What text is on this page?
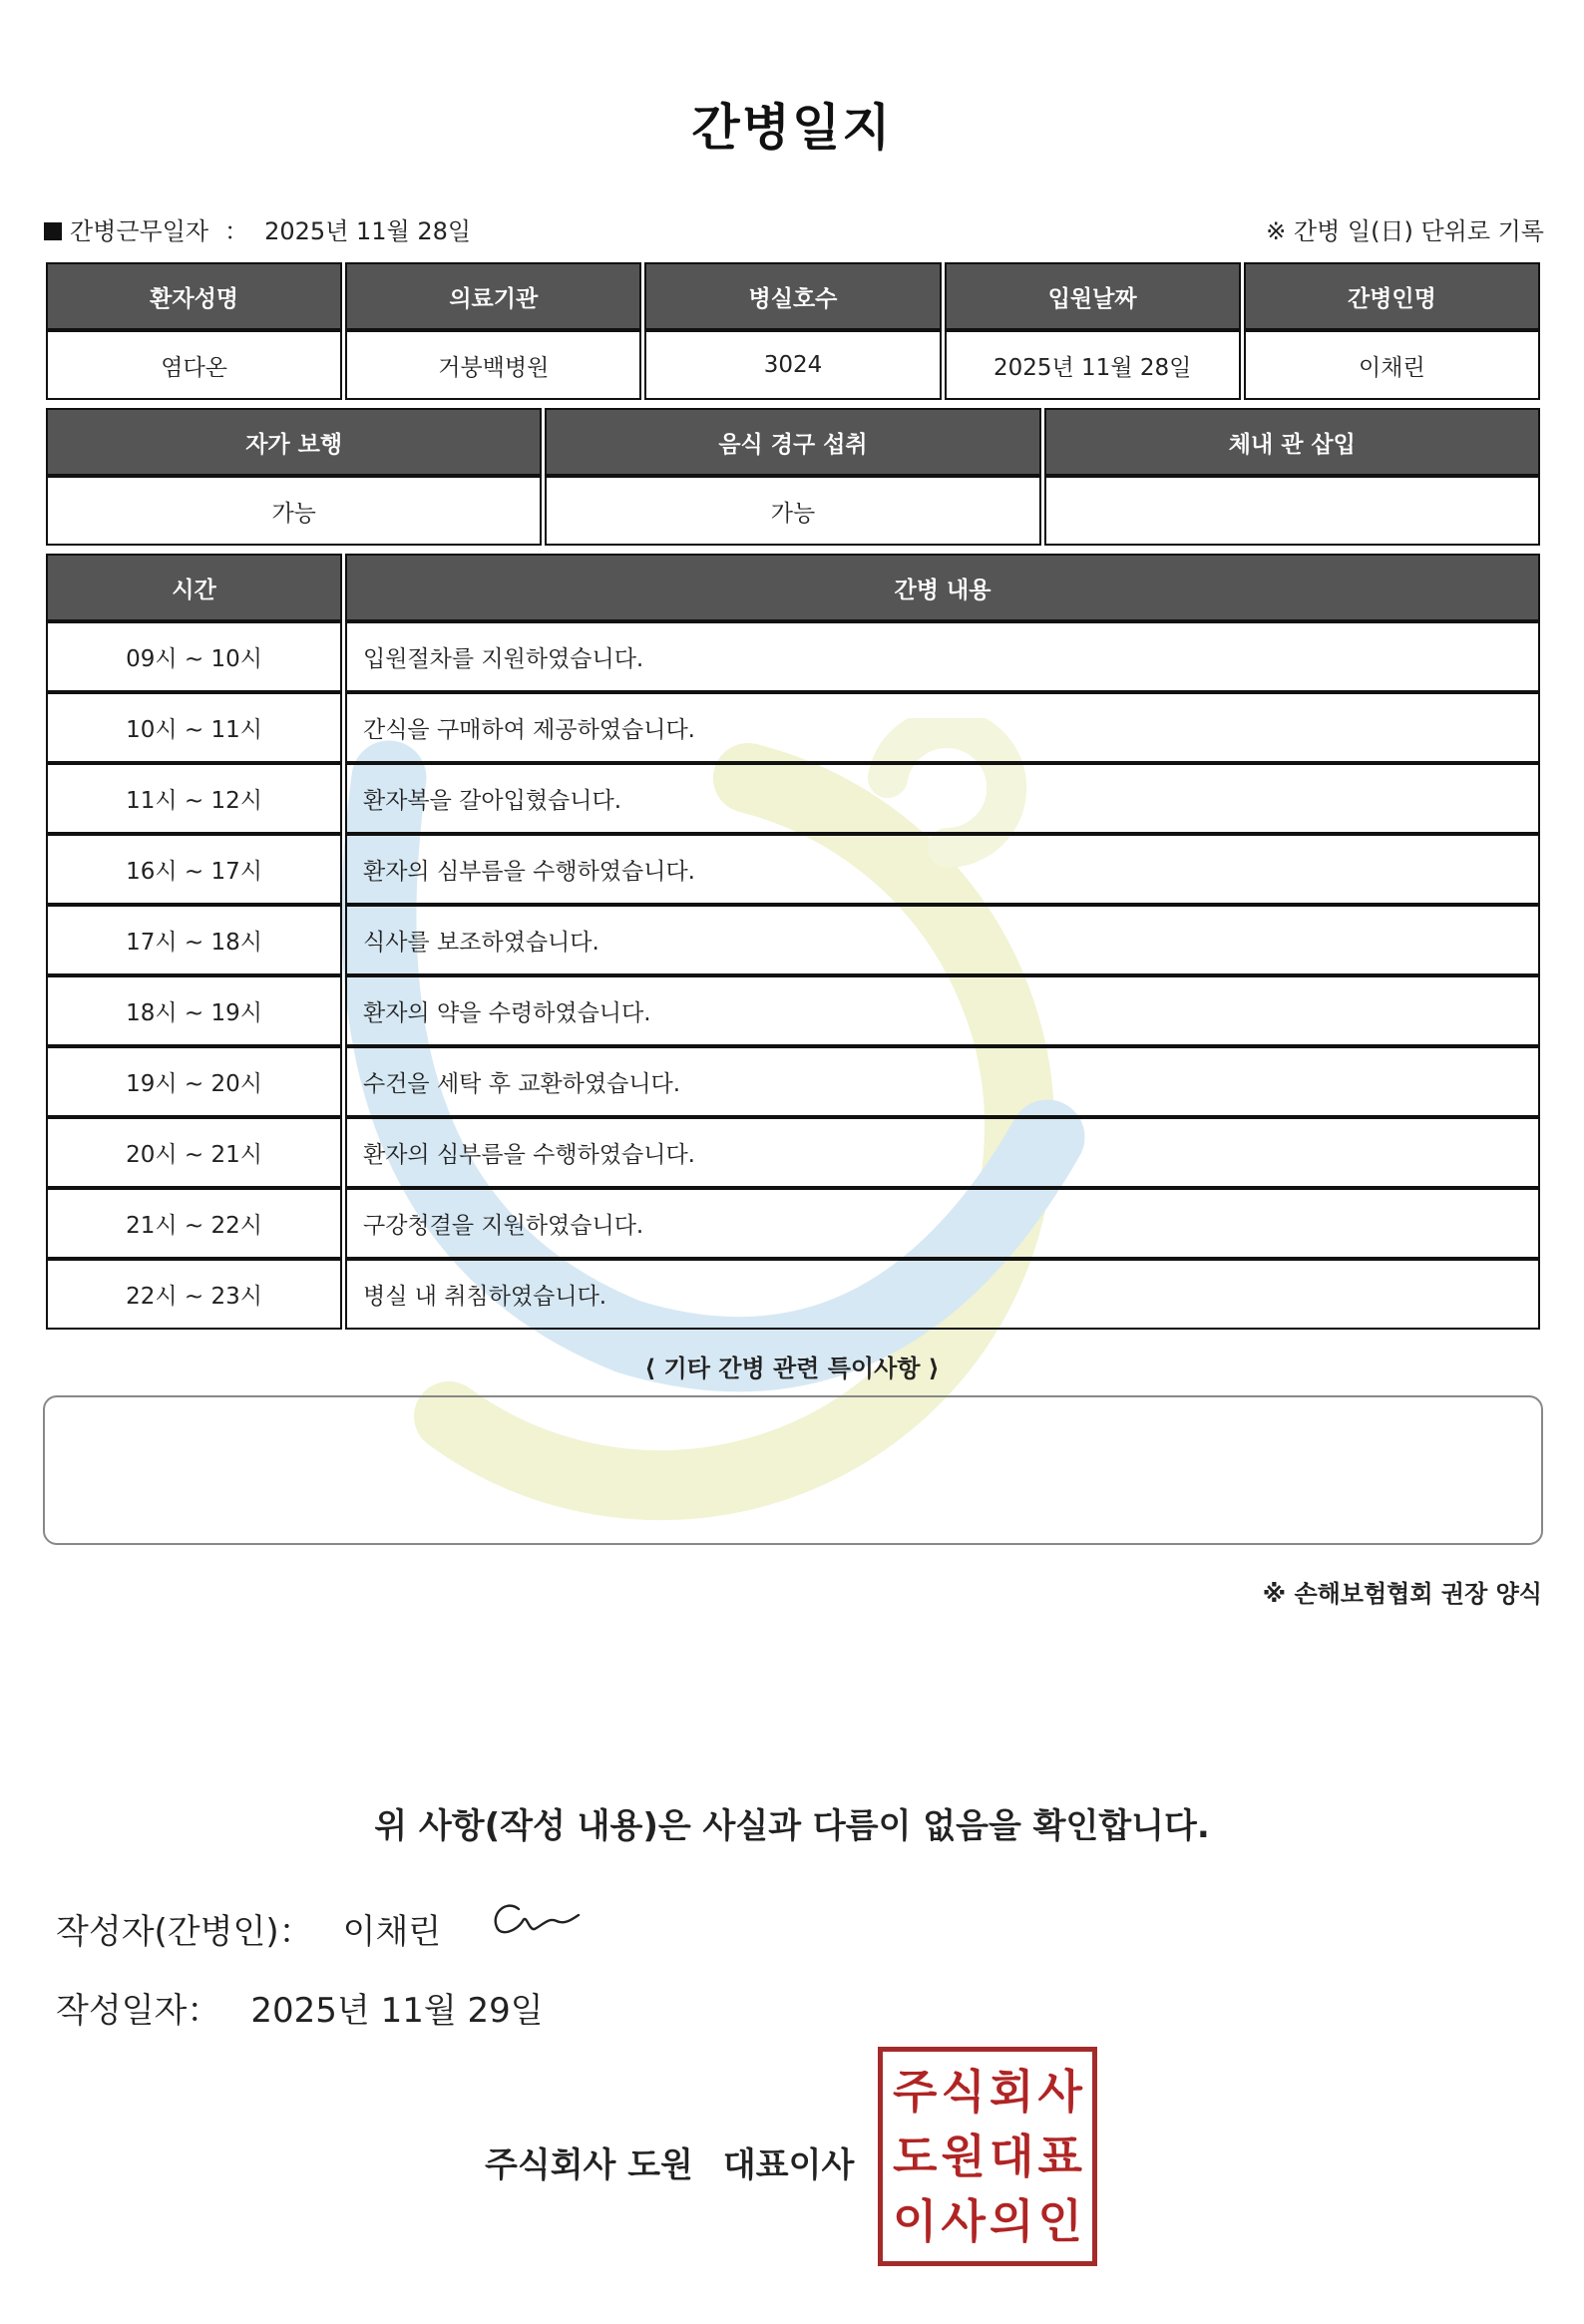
간병일지
간병근무일자 ： 2025년 11월 28일	※ 간병 일(日) 단위로 기록
환자성명	의료기관	병실호수	입원날짜	간병인명
염다온	거붕백병원	3024	2025년 11월 28일	이채린
자가 보행	음식 경구 섭취	체내 관 삽입
가능	가능	
시간	간병 내용
09시 ~ 10시	입원절차를 지원하였습니다.
10시 ~ 11시	간식을 구매하여 제공하였습니다.
11시 ~ 12시	환자복을 갈아입혔습니다.
16시 ~ 17시	환자의 심부름을 수행하였습니다.
17시 ~ 18시	식사를 보조하였습니다.
18시 ~ 19시	환자의 약을 수령하였습니다.
19시 ~ 20시	수건을 세탁 후 교환하였습니다.
20시 ~ 21시	환자의 심부름을 수행하였습니다.
21시 ~ 22시	구강청결을 지원하였습니다.
22시 ~ 23시	병실 내 취침하였습니다.
⟨ 기타 간병 관련 특이사항 ⟩
※ 손해보험협회 권장 양식
위 사항(작성 내용)은 사실과 다름이 없음을 확인합니다.
작성자(간병인)： 이채린
작성일자： 2025년 11월 29일
주식회사 도원 대표이사
주 식 회 사
도 원 대 표
이 사 의 인
